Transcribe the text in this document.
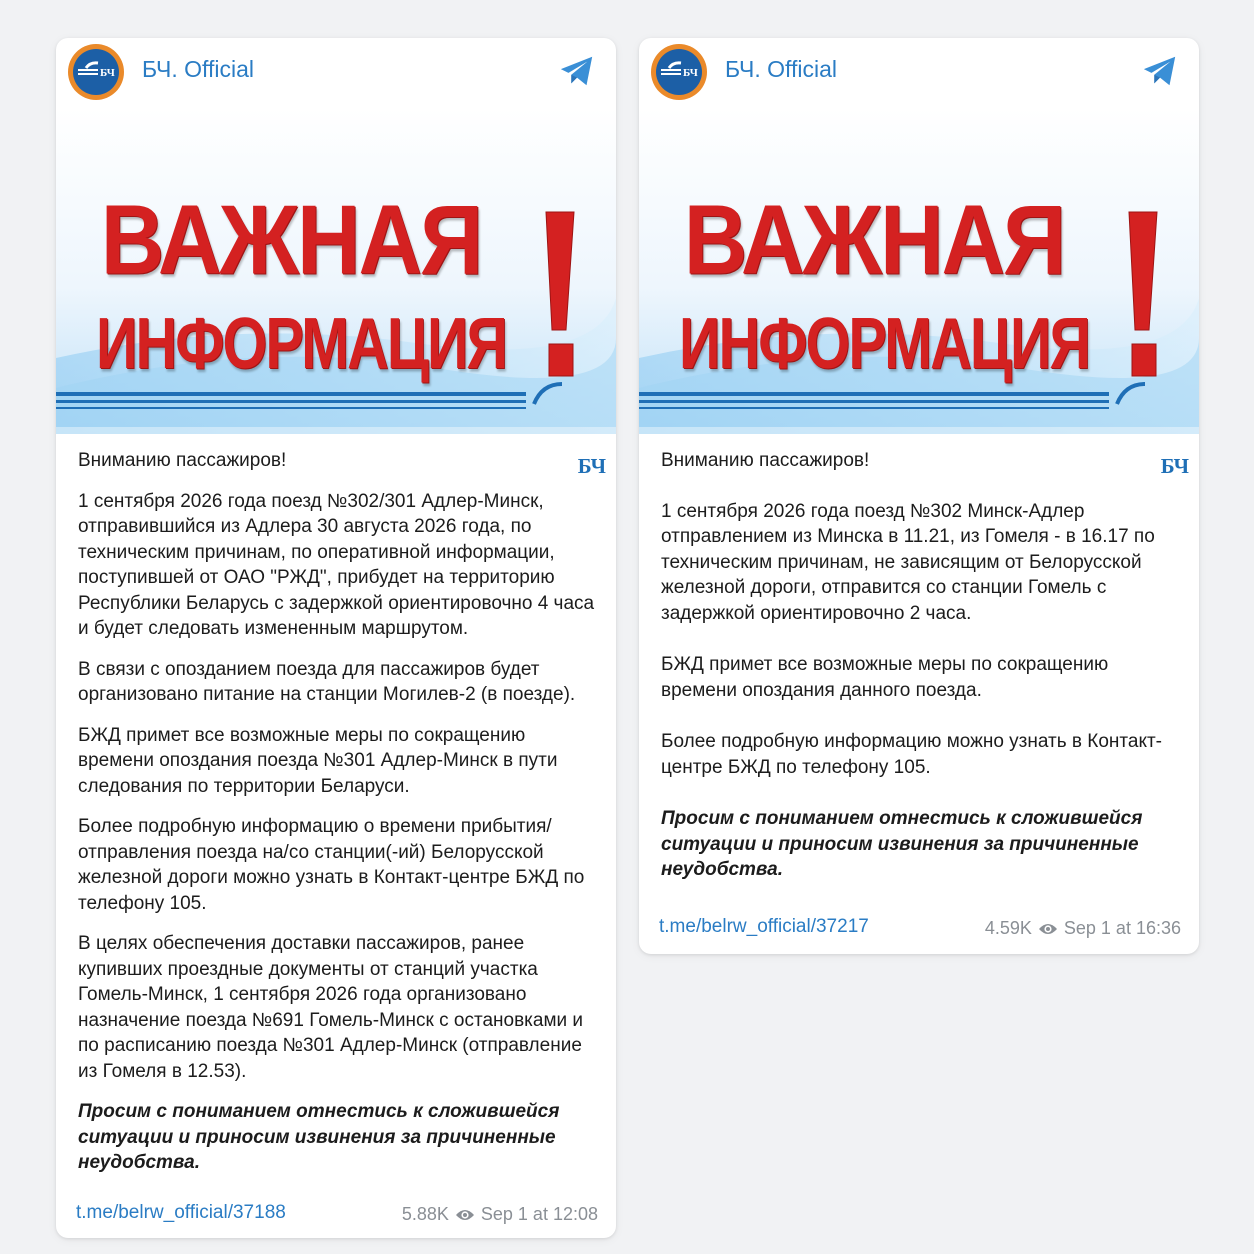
БЧ БЧ. Official
ВАЖНАЯ
ИНФОРМАЦИЯ
БЧ

Вниманию пассажиров!

1 сентября 2026 года поезд №302/301 Адлер-Минск, отправившийся из Адлера 30 августа 2026 года, по техническим причинам, по оперативной информации, поступившей от ОАО "РЖД", прибудет на территорию Республики Беларусь с задержкой ориентировочно 4 часа и будет следовать измененным маршрутом.

В связи с опозданием поезда для пассажиров будет организовано питание на станции Могилев-2 (в поезде).

БЖД примет все возможные меры по сокращению времени опоздания поезда №301 Адлер-Минск в пути следования по территории Беларуси.

Более подробную информацию о времени прибытия/отправления поезда на/со станции(-ий) Белорусской железной дороги можно узнать в Контакт-центре БЖД по телефону 105.

В целях обеспечения доставки пассажиров, ранее купивших проездные документы от станций участка Гомель-Минск, 1 сентября 2026 года организовано назначение поезда №691 Гомель-Минск с остановками и по расписанию поезда №301 Адлер-Минск (отправление из Гомеля в 12.53).

Просим с пониманием отнестись к сложившейся ситуации и приносим извинения за причиненные неудобства.

t.me/belrw_official/37188	5.88K Sep 1 at 12:08
БЧ БЧ. Official
ВАЖНАЯ
ИНФОРМАЦИЯ
БЧ

Вниманию пассажиров!

1 сентября 2026 года поезд №302 Минск-Адлер отправлением из Минска в 11.21, из Гомеля - в 16.17 по техническим причинам, не зависящим от Белорусской железной дороги, отправится со станции Гомель с задержкой ориентировочно 2 часа.

БЖД примет все возможные меры по сокращению времени опоздания данного поезда.

Более подробную информацию можно узнать в Контакт-центре БЖД по телефону 105.

Просим с пониманием отнестись к сложившейся ситуации и приносим извинения за причиненные неудобства.

t.me/belrw_official/37217	4.59K Sep 1 at 16:36
